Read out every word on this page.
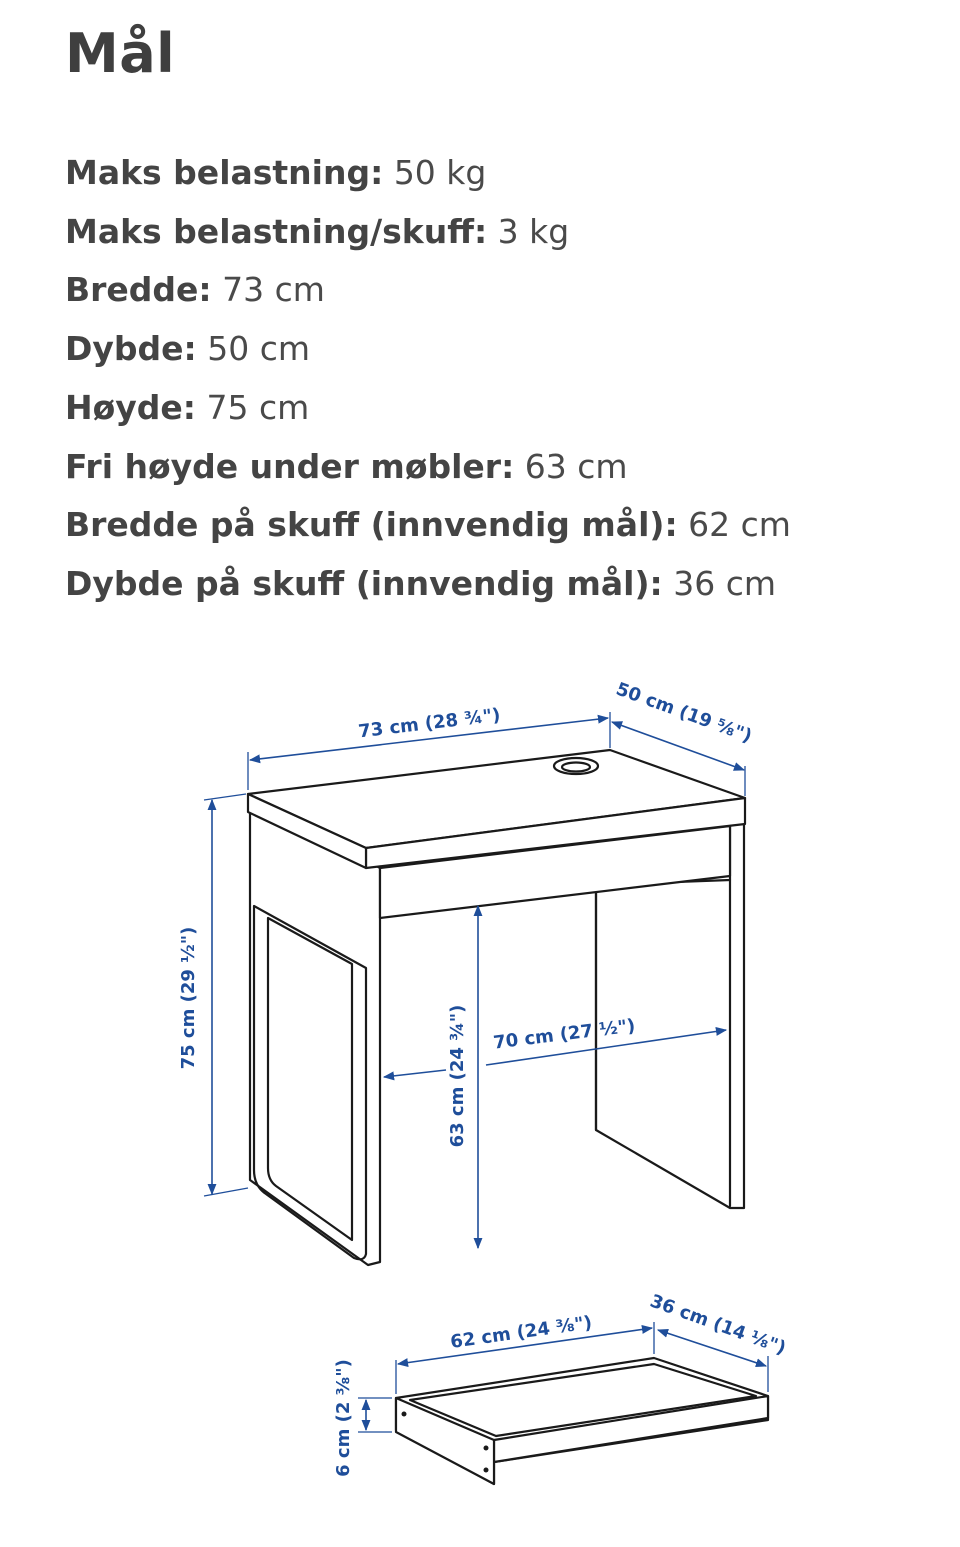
Mål
Maks belastning: 50 kg
Maks belastning/skuff: 3 kg
Bredde: 73 cm
Dybde: 50 cm
Høyde: 75 cm
Fri høyde under møbler: 63 cm
Bredde på skuff (innvendig mål): 62 cm
Dybde på skuff (innvendig mål): 36 cm
73 cm (28 ¾")	50 cm (19 ⅝")
75 cm (29 ½")
63 cm (24 ¾") 70 cm (27 ½")
62 cm (24 ⅜")	36 cm (14 ⅛")
6 cm (2 ⅜")
